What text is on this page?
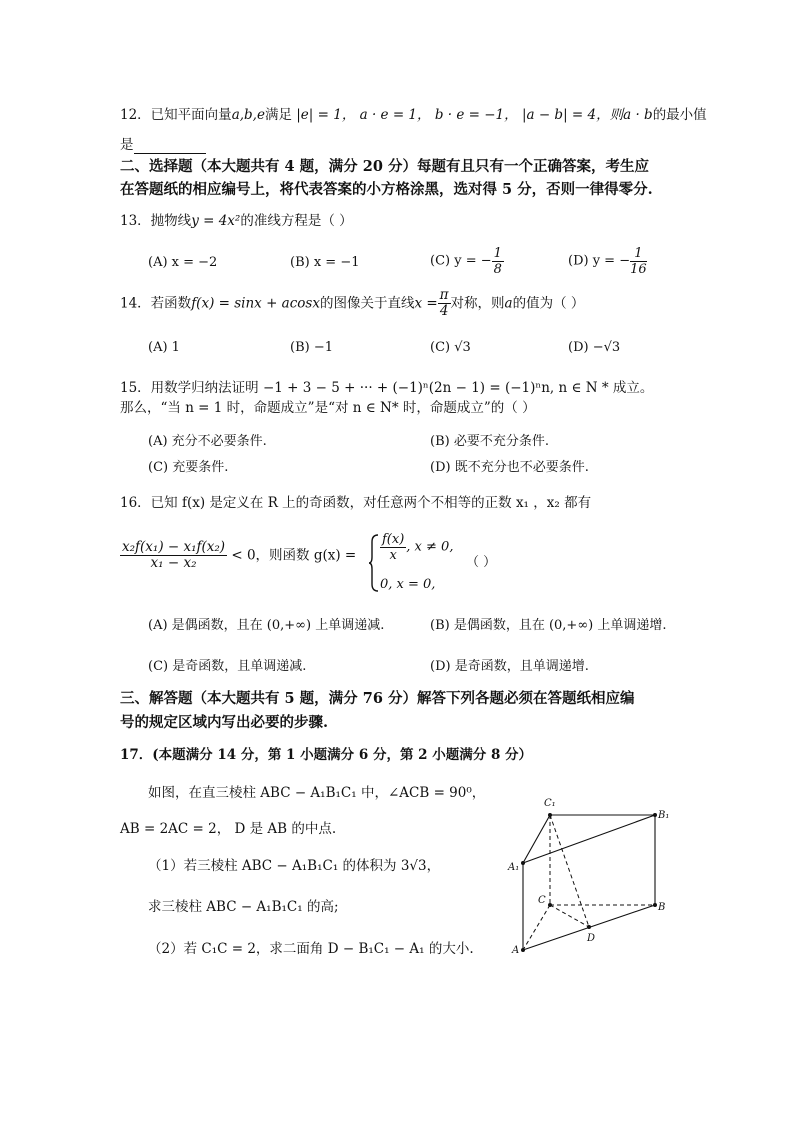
12．已知平面向量a,b,e满足 |e| = 1， a · e = 1， b · e = −1， |a − b| = 4，则a · b的最小值
是
二、选择题（本大题共有 4 题，满分 20 分）每题有且只有一个正确答案，考生应
在答题纸的相应编号上，将代表答案的小方格涂黑，选对得 5 分，否则一律得零分.
13．抛物线y = 4x²的准线方程是（ ）
(A) x = −2	(B) x = −1	(C) y = − $\frac{1}{8}$	(D) y = − $\frac{1}{16}$
14．若函数f(x) = sinx + acosx的图像关于直线$x = \frac{\pi}{4}$ 对称，则a的值为（ ）
(A) 1	(B) −1	(C) √3	(D) −√3
15．用数学归纳法证明 −1 + 3 − 5 + ··· + (−1)ⁿ(2n − 1) = (−1)ⁿn, n ∈ N * 成立。
那么，“当 n = 1 时，命题成立”是“对 n ∈ N* 时，命题成立”的（ ）
(A) 充分不必要条件.	(B) 必要不充分条件.
(C) 充要条件.	(D) 既不充分也不必要条件.
16．已知 f(x) 是定义在 R 上的奇函数，对任意两个不相等的正数 x₁ ，x₂ 都有
$\frac{\text{x₂f(x₁) − x₁f(x₂)}}{\text{x₁ − x₂}} < 0$，则函数 $g(x) = \frac{f(x)}{x}$ , x ≠ 0,
0, x = 0,
（ ）
(A) 是偶函数，且在 (0,+∞) 上单调递减.	(B) 是偶函数，且在 (0,+∞) 上单调递增.
(C) 是奇函数，且单调递减.	(D) 是奇函数，且单调递增.
三、解答题（本大题共有 5 题，满分 76 分）解答下列各题必须在答题纸相应编
号的规定区域内写出必要的步骤.
17．(本题满分 14 分，第 1 小题满分 6 分，第 2 小题满分 8 分）
如图，在直三棱柱 ABC − A₁B₁C₁ 中，∠ACB = 90⁰，
AB = 2AC = 2， D 是 AB 的中点.
（1）若三棱柱 ABC − A₁B₁C₁ 的体积为 3√3，
求三棱柱 ABC − A₁B₁C₁ 的高;
（2）若 C₁C = 2，求二面角 D − B₁C₁ − A₁ 的大小.
C₁
B₁
A₁
C
B
A
D
